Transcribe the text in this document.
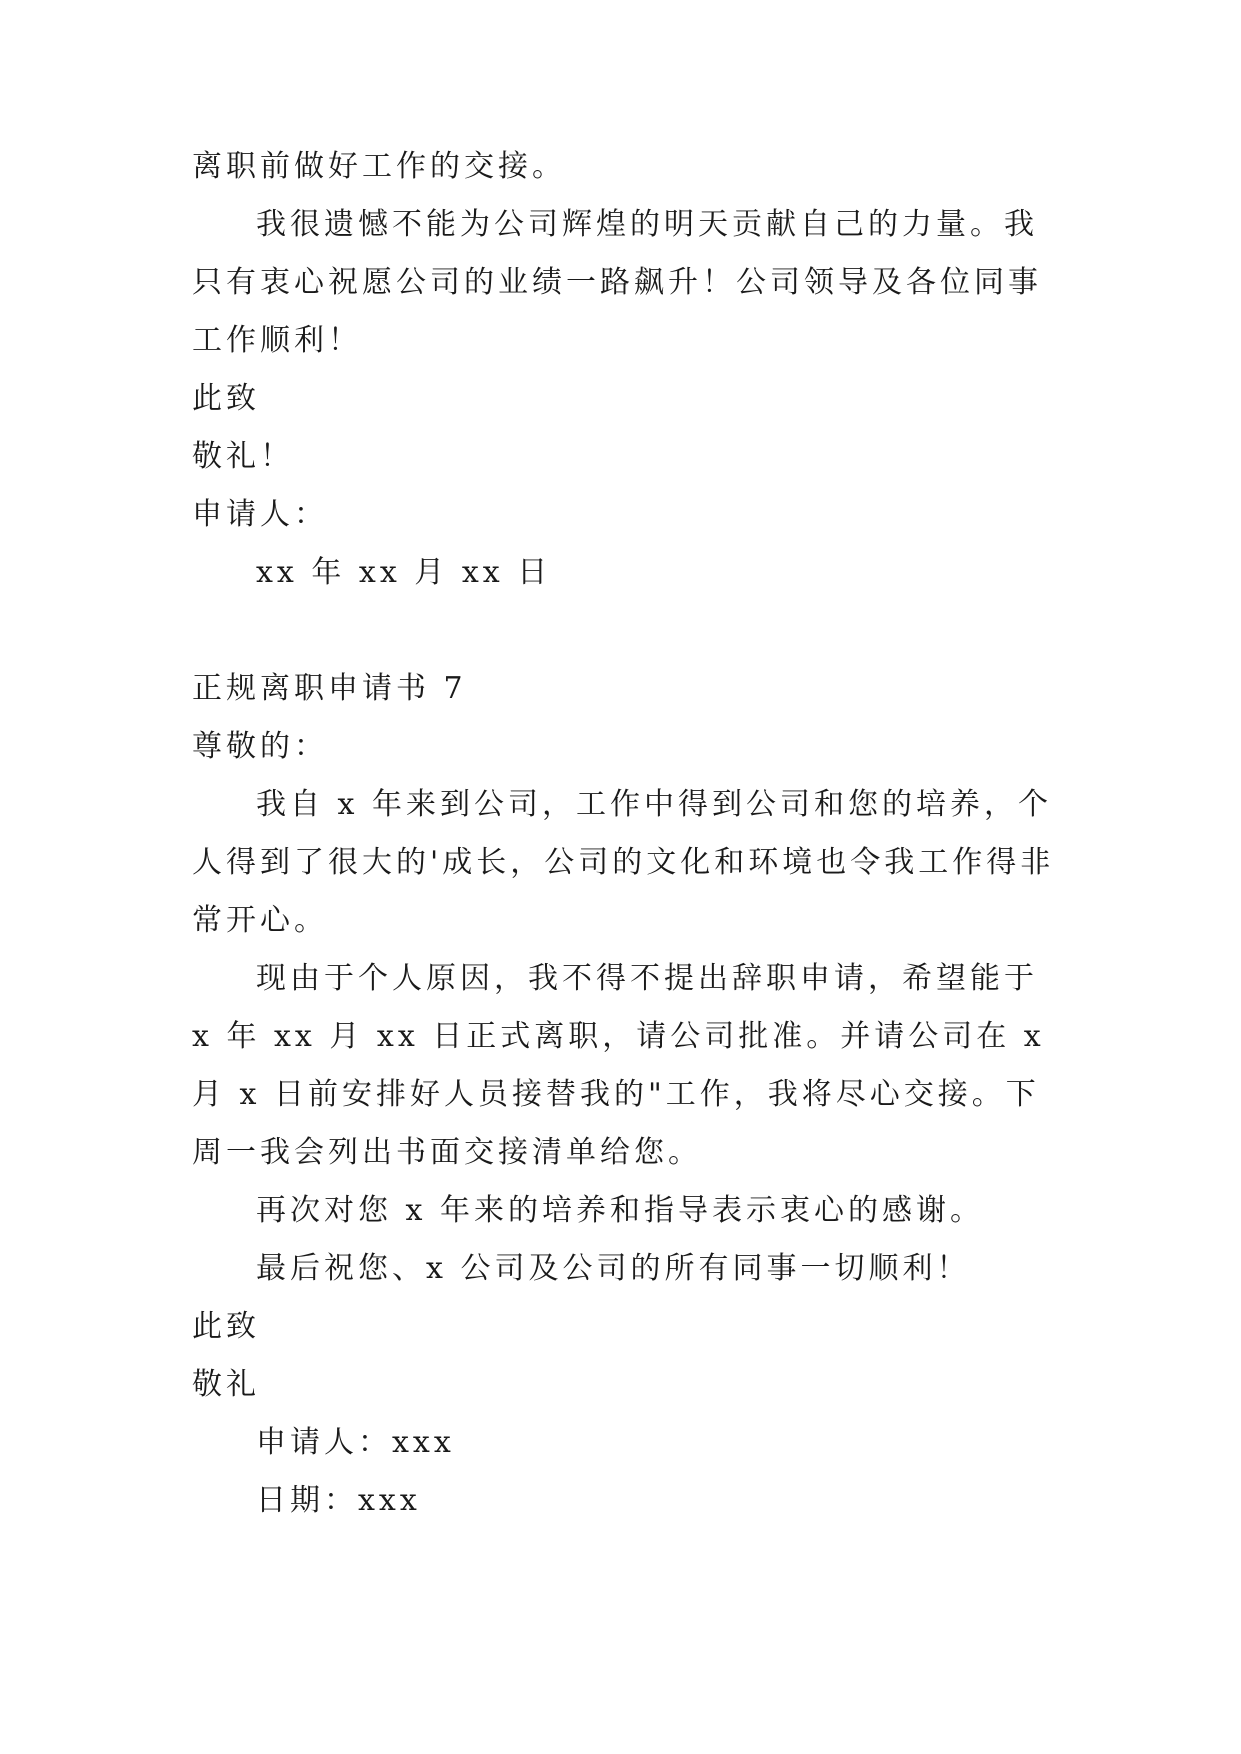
离职前做好工作的交接。
我很遗憾不能为公司辉煌的明天贡献自己的力量。我只有衷心祝愿公司的业绩一路飙升！公司领导及各位同事工作顺利！
此致
敬礼！
申请人：
xx 年 xx 月 xx 日
正规离职申请书 7
尊敬的：
我自 x 年来到公司，工作中得到公司和您的培养，个人得到了很大的'成长，公司的文化和环境也令我工作得非常开心。
现由于个人原因，我不得不提出辞职申请，希望能于 x 年 xx 月 xx 日正式离职，请公司批准。并请公司在 x 月 x 日前安排好人员接替我的"工作，我将尽心交接。下周一我会列出书面交接清单给您。
再次对您 x 年来的培养和指导表示衷心的感谢。
最后祝您、x 公司及公司的所有同事一切顺利！
此致
敬礼
申请人：xxx
日期：xxx
